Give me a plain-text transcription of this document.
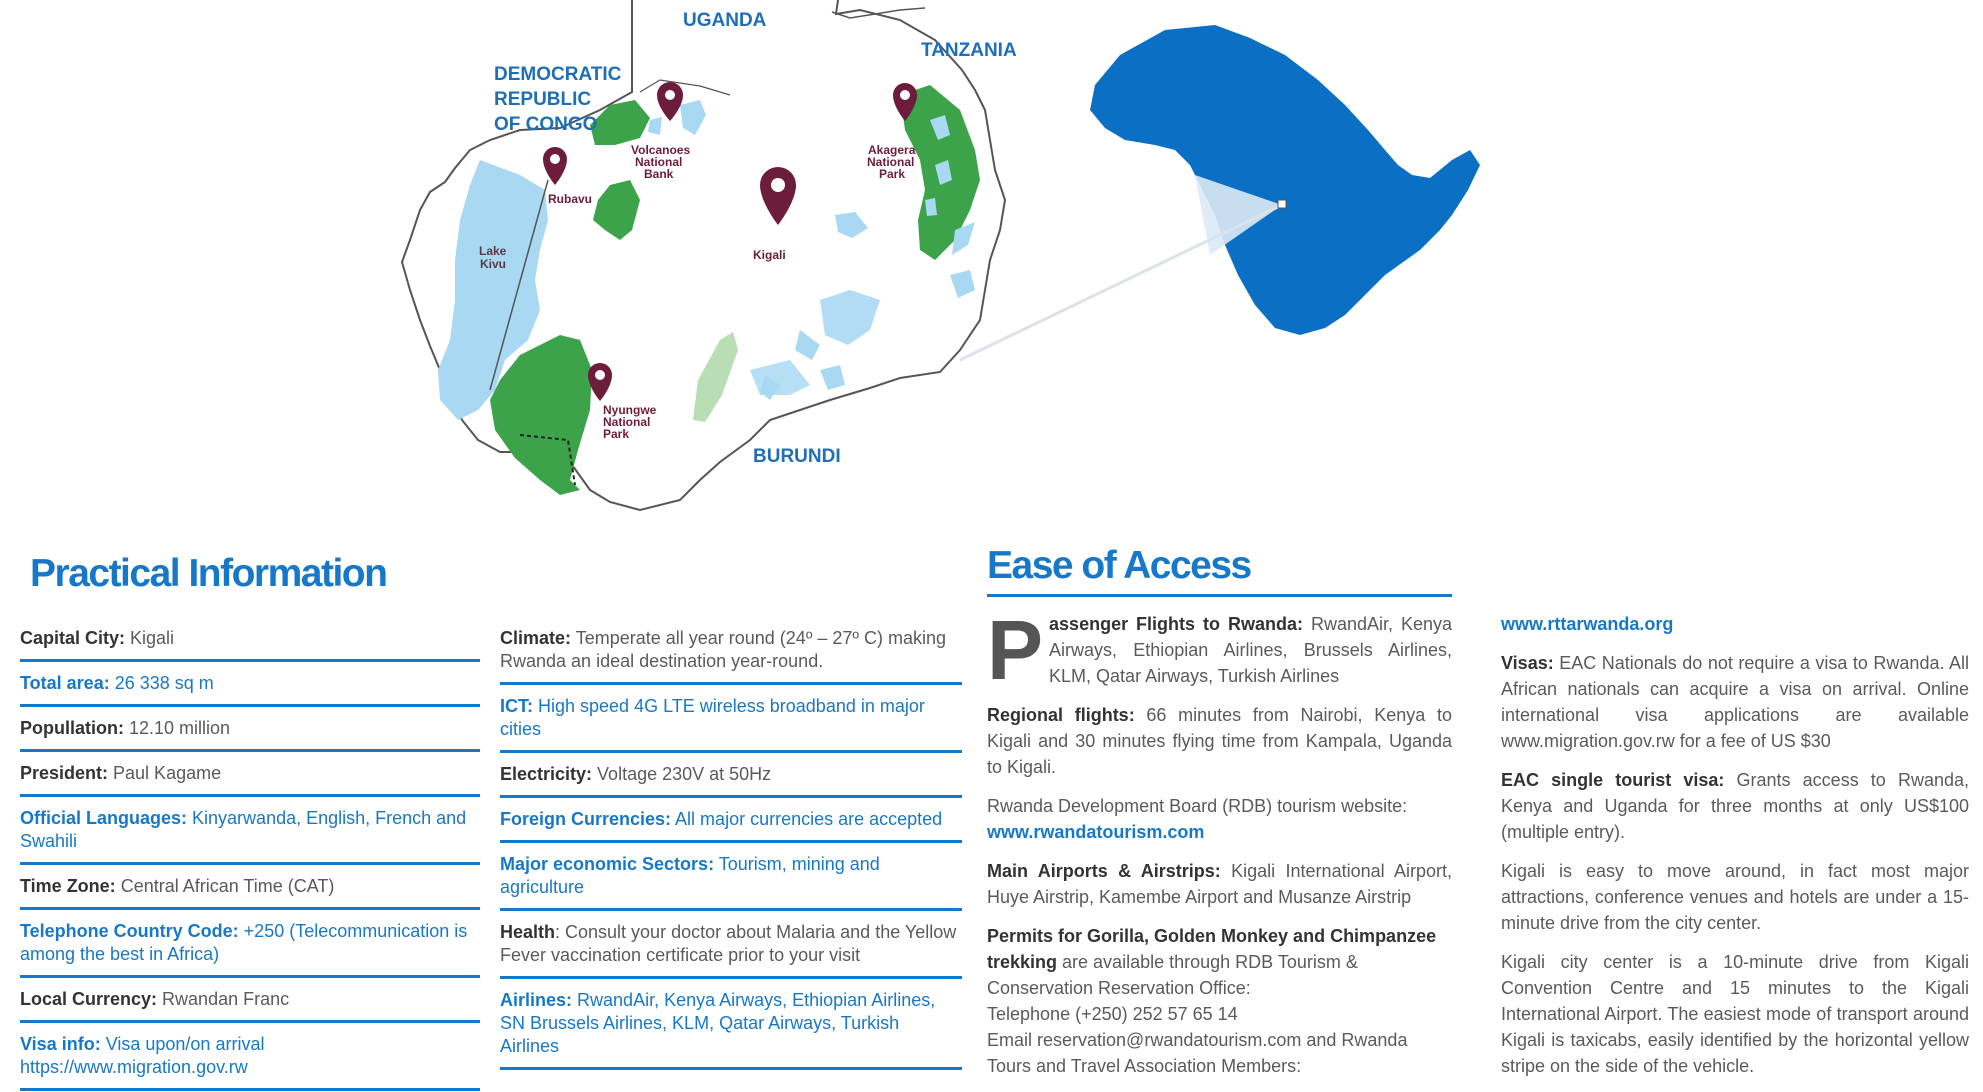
UGANDA
TANZANIA
DEMOCRATIC
REPUBLIC
OF CONGO
BURUNDI
Volcanoes
National
Bank
Akagera
National
Park
Rubavu
Kigali
Lake
Kivu
Nyungwe
National
Park
Practical Information
Capital City: Kigali
Total area: 26 338 sq m
Popullation: 12.10 million
President: Paul Kagame
Official Languages: Kinyarwanda, English, French and Swahili
Time Zone: Central African Time (CAT)
Telephone Country Code: +250 (Telecommunication is among the best in Africa)
Local Currency: Rwandan Franc
Visa info: Visa upon/on arrival https://www.migration.gov.rw
Climate: Temperate all year round (24º – 27º C) making Rwanda an ideal destination year-round.
ICT: High speed 4G LTE wireless broadband in major cities
Electricity: Voltage 230V at 50Hz
Foreign Currencies: All major currencies are accepted
Major economic Sectors: Tourism, mining and agriculture
Health: Consult your doctor about Malaria and the Yellow Fever vaccination certificate prior to your visit
Airlines: RwandAir, Kenya Airways, Ethiopian Airlines, SN Brussels Airlines, KLM, Qatar Airways, Turkish Airlines
Ease of Access

Passenger Flights to Rwanda: RwandAir, Kenya Airways, Ethiopian Airlines, Brussels Airlines, KLM, Qatar Airways, Turkish Airlines

Regional flights: 66 minutes from Nairobi, Kenya to Kigali and 30 minutes flying time from Kampala, Uganda to Kigali.

Rwanda Development Board (RDB) tourism website:
www.rwandatourism.com

Main Airports & Airstrips: Kigali International Airport, Huye Airstrip, Kamembe Airport and Musanze Airstrip

Permits for Gorilla, Golden Monkey and Chimpanzee trekking are available through RDB Tourism & Conservation Reservation Office:
Telephone (+250) 252 57 65 14
Email reservation@rwandatourism.com and Rwanda Tours and Travel Association Members:

www.rttarwanda.org

Visas: EAC Nationals do not require a visa to Rwanda. All African nationals can acquire a visa on arrival. Online international visa applications are available www.migration.gov.rw for a fee of US $30

EAC single tourist visa: Grants access to Rwanda, Kenya and Uganda for three months at only US$100 (multiple entry).

Kigali is easy to move around, in fact most major attractions, conference venues and hotels are under a 15-minute drive from the city center.

Kigali city center is a 10-minute drive from Kigali Convention Centre and 15 minutes to the Kigali International Airport. The easiest mode of transport around Kigali is taxicabs, easily identified by the horizontal yellow stripe on the side of the vehicle.
